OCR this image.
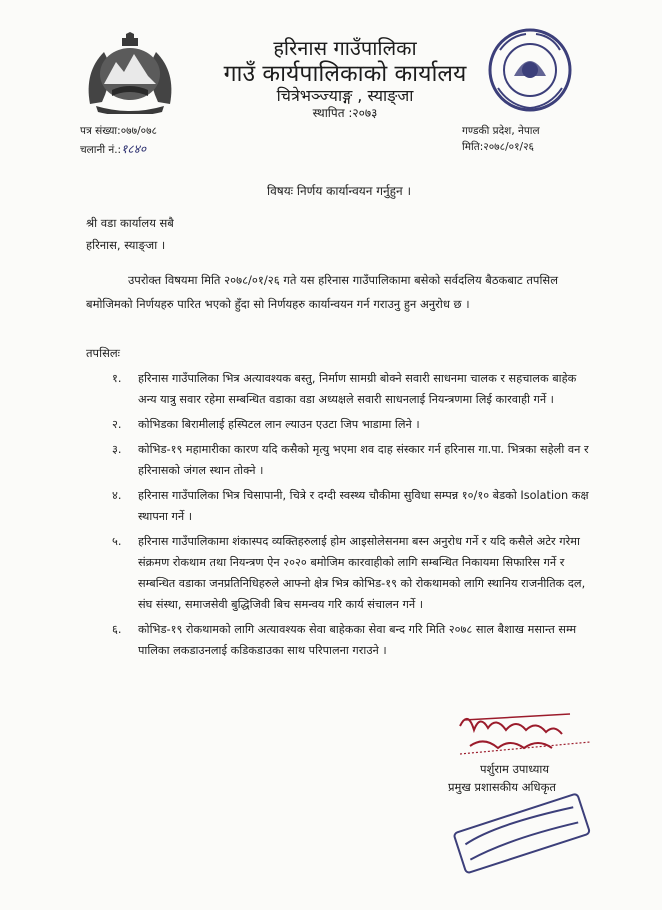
हरिनास गाउँपालिका
गाउँ कार्यपालिकाको कार्यालय
चित्रेभञ्ज्याङ्ग , स्याङ्जा
स्थापित :२०७३
पत्र संख्या:०७७/०७८
चलानी नं.:१८४०
गण्डकी प्रदेश, नेपाल
मिति:२०७८/०१/२६
विषयः निर्णय कार्यान्वयन गर्नुहुन ।
श्री वडा कार्यालय सबै
हरिनास, स्याङ्जा ।
उपरोक्त विषयमा मिति २०७८/०१/२६ गते यस हरिनास गाउँपालिकामा बसेको सर्वदलिय बैठकबाट तपसिल बमोजिमको निर्णयहरु पारित भएको हुँदा सो निर्णयहरु कार्यान्वयन गर्न गराउनु हुन अनुरोध छ ।
तपसिलः
१.	हरिनास गाउँपालिका भित्र अत्यावश्यक बस्तु, निर्माण सामग्री बोक्ने सवारी साधनमा चालक र सहचालक बाहेक अन्य यात्रु सवार रहेमा सम्बन्धित वडाका वडा अध्यक्षले सवारी साधनलाई नियन्त्रणमा लिई कारवाही गर्ने ।
२.	कोभिडका बिरामीलाई हस्पिटल लान ल्याउन एउटा जिप भाडामा लिने ।
३.	कोभिड-१९ महामारीका कारण यदि कसैको मृत्यु भएमा शव दाह संस्कार गर्न हरिनास गा.पा. भित्रका सहेली वन र हरिनासको जंगल स्थान तोक्ने ।
४.	हरिनास गाउँपालिका भित्र चिसापानी, चित्रे र दग्दी स्वस्थ्य चौकीमा सुविधा सम्पन्न १०/१० बेडको Isolation कक्ष स्थापना गर्ने ।
५.	हरिनास गाउँपालिकामा शंकास्पद व्यक्तिहरुलाई होम आइसोलेसनमा बस्न अनुरोध गर्ने र यदि कसैले अटेर गरेमा संक्रमण रोकथाम तथा नियन्त्रण ऐन २०२० बमोजिम कारवाहीको लागि सम्बन्धित निकायमा सिफारिस गर्ने र सम्बन्धित वडाका जनप्रतिनिधिहरुले आफ्नो क्षेत्र भित्र कोभिड-१९ को रोकथामको लागि स्थानिय राजनीतिक दल, संघ संस्था, समाजसेवी बुद्धिजिवी बिच समन्वय गरि कार्य संचालन गर्ने ।
६.	कोभिड-१९ रोकथामको लागि अत्यावश्यक सेवा बाहेकका सेवा बन्द गरि मिति २०७८ साल बैशाख मसान्त सम्म पालिका लकडाउनलाई कडिकडाउका साथ परिपालना गराउने ।
पर्शुराम उपाध्याय
प्रमुख प्रशासकीय अधिकृत
